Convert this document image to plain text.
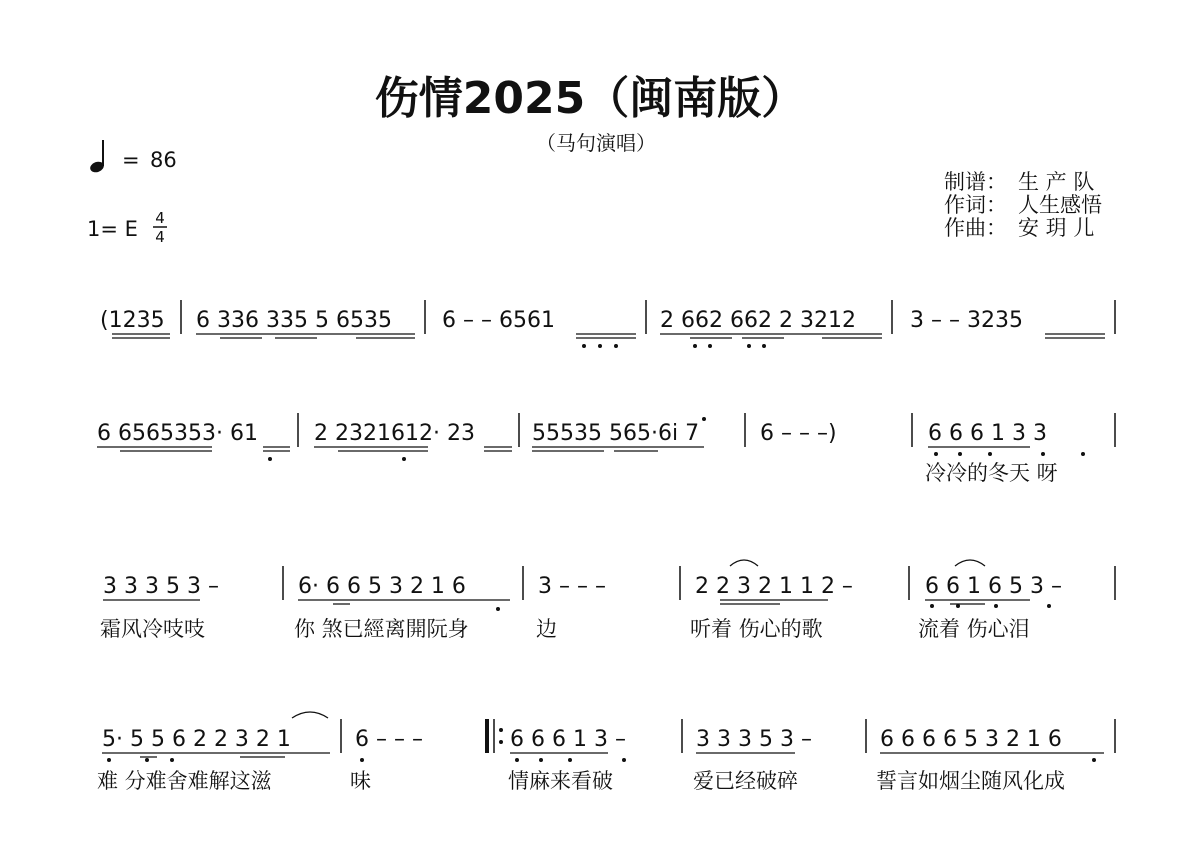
伤情2025（闽南版）
（马句演唱）
= 86
1= E 4
4
制谱： 生 产 队
作词： 人生感悟
作曲： 安 玥 儿
(1235 6 336 335 5 6535 6 – – 6561	2 662 662 2 3212 3 – – 3235
6 6565353· 61	2 2321612· 23	55535 565·6i 7	6 – – –)	6 6 6 1 3 3
冷冷的冬天 呀
3 3 3 5 3 –	6· 6 6 5 3 2 1 6	3 – – –	2 2 3 2 1 1 2 –	6 6 1 6 5 3 –
霜风冷吱吱	你 煞已經离開阮身	边	听着 伤心的歌	流着 伤心泪
5· 5 5 6 2 2 3 2 1	6 – – –	6 6 6 1 3 –	3 3 3 5 3 –	6 6 6 6 5 3 2 1 6
难 分难舍难解这滋	味	情麻来看破	爱已经破碎	誓言如烟尘随风化成
